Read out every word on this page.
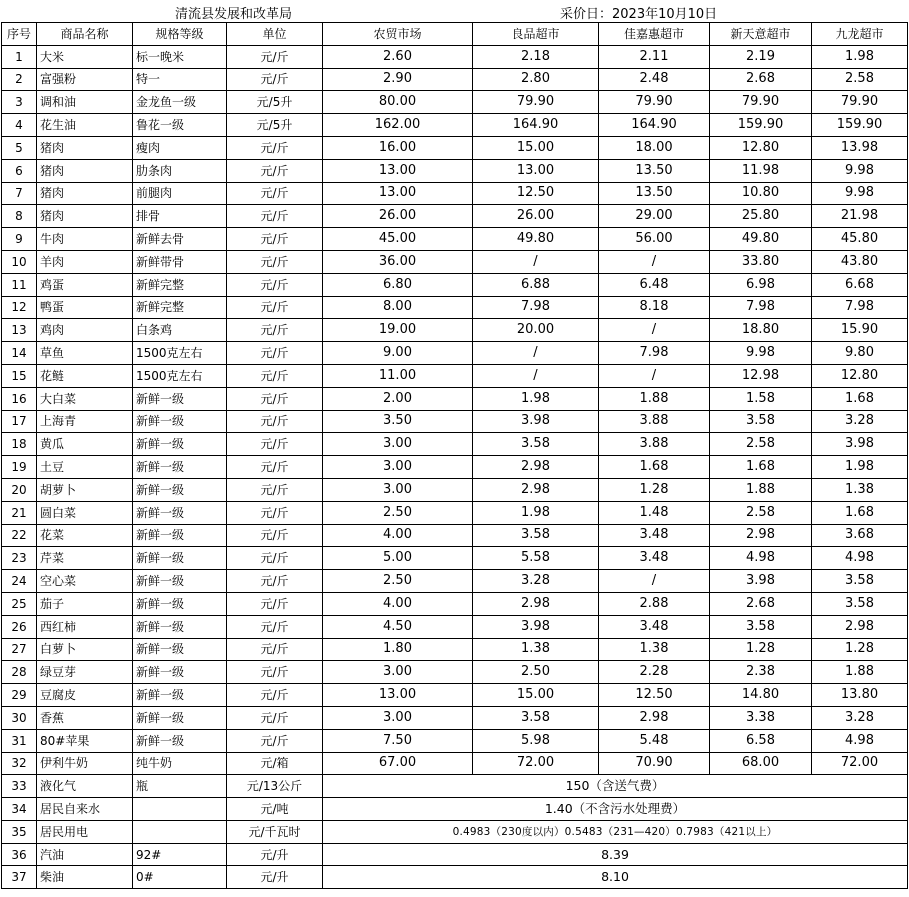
清流县发展和改革局	采价日：2023年10月10日
序号	商品名称	规格等级	单位	农贸市场	良品超市	佳嘉惠超市	新天意超市	九龙超市
1	大米	标一晚米	元/斤	2.60	2.18	2.11	2.19	1.98
2	富强粉	特一	元/斤	2.90	2.80	2.48	2.68	2.58
3	调和油	金龙鱼一级	元/5升	80.00	79.90	79.90	79.90	79.90
4	花生油	鲁花一级	元/5升	162.00	164.90	164.90	159.90	159.90
5	猪肉	瘦肉	元/斤	16.00	15.00	18.00	12.80	13.98
6	猪肉	肋条肉	元/斤	13.00	13.00	13.50	11.98	9.98
7	猪肉	前腿肉	元/斤	13.00	12.50	13.50	10.80	9.98
8	猪肉	排骨	元/斤	26.00	26.00	29.00	25.80	21.98
9	牛肉	新鲜去骨	元/斤	45.00	49.80	56.00	49.80	45.80
10	羊肉	新鲜带骨	元/斤	36.00	/	/	33.80	43.80
11	鸡蛋	新鲜完整	元/斤	6.80	6.88	6.48	6.98	6.68
12	鸭蛋	新鲜完整	元/斤	8.00	7.98	8.18	7.98	7.98
13	鸡肉	白条鸡	元/斤	19.00	20.00	/	18.80	15.90
14	草鱼	1500克左右	元/斤	9.00	/	7.98	9.98	9.80
15	花鲢	1500克左右	元/斤	11.00	/	/	12.98	12.80
16	大白菜	新鲜一级	元/斤	2.00	1.98	1.88	1.58	1.68
17	上海青	新鲜一级	元/斤	3.50	3.98	3.88	3.58	3.28
18	黄瓜	新鲜一级	元/斤	3.00	3.58	3.88	2.58	3.98
19	土豆	新鲜一级	元/斤	3.00	2.98	1.68	1.68	1.98
20	胡萝卜	新鲜一级	元/斤	3.00	2.98	1.28	1.88	1.38
21	圆白菜	新鲜一级	元/斤	2.50	1.98	1.48	2.58	1.68
22	花菜	新鲜一级	元/斤	4.00	3.58	3.48	2.98	3.68
23	芹菜	新鲜一级	元/斤	5.00	5.58	3.48	4.98	4.98
24	空心菜	新鲜一级	元/斤	2.50	3.28	/	3.98	3.58
25	茄子	新鲜一级	元/斤	4.00	2.98	2.88	2.68	3.58
26	西红柿	新鲜一级	元/斤	4.50	3.98	3.48	3.58	2.98
27	白萝卜	新鲜一级	元/斤	1.80	1.38	1.38	1.28	1.28
28	绿豆芽	新鲜一级	元/斤	3.00	2.50	2.28	2.38	1.88
29	豆腐皮	新鲜一级	元/斤	13.00	15.00	12.50	14.80	13.80
30	香蕉	新鲜一级	元/斤	3.00	3.58	2.98	3.38	3.28
31	80#苹果	新鲜一级	元/斤	7.50	5.98	5.48	6.58	4.98
32	伊利牛奶	纯牛奶	元/箱	67.00	72.00	70.90	68.00	72.00
33	液化气	瓶	元/13公斤	150（含送气费）				
34	居民自来水		元/吨	1.40（不含污水处理费）				
35	居民用电		元/千瓦时	0.4983（230度以内）0.5483（231—420）0.7983（421以上）				
36	汽油	92#	元/升	8.39				
37	柴油	0#	元/升	8.10				
